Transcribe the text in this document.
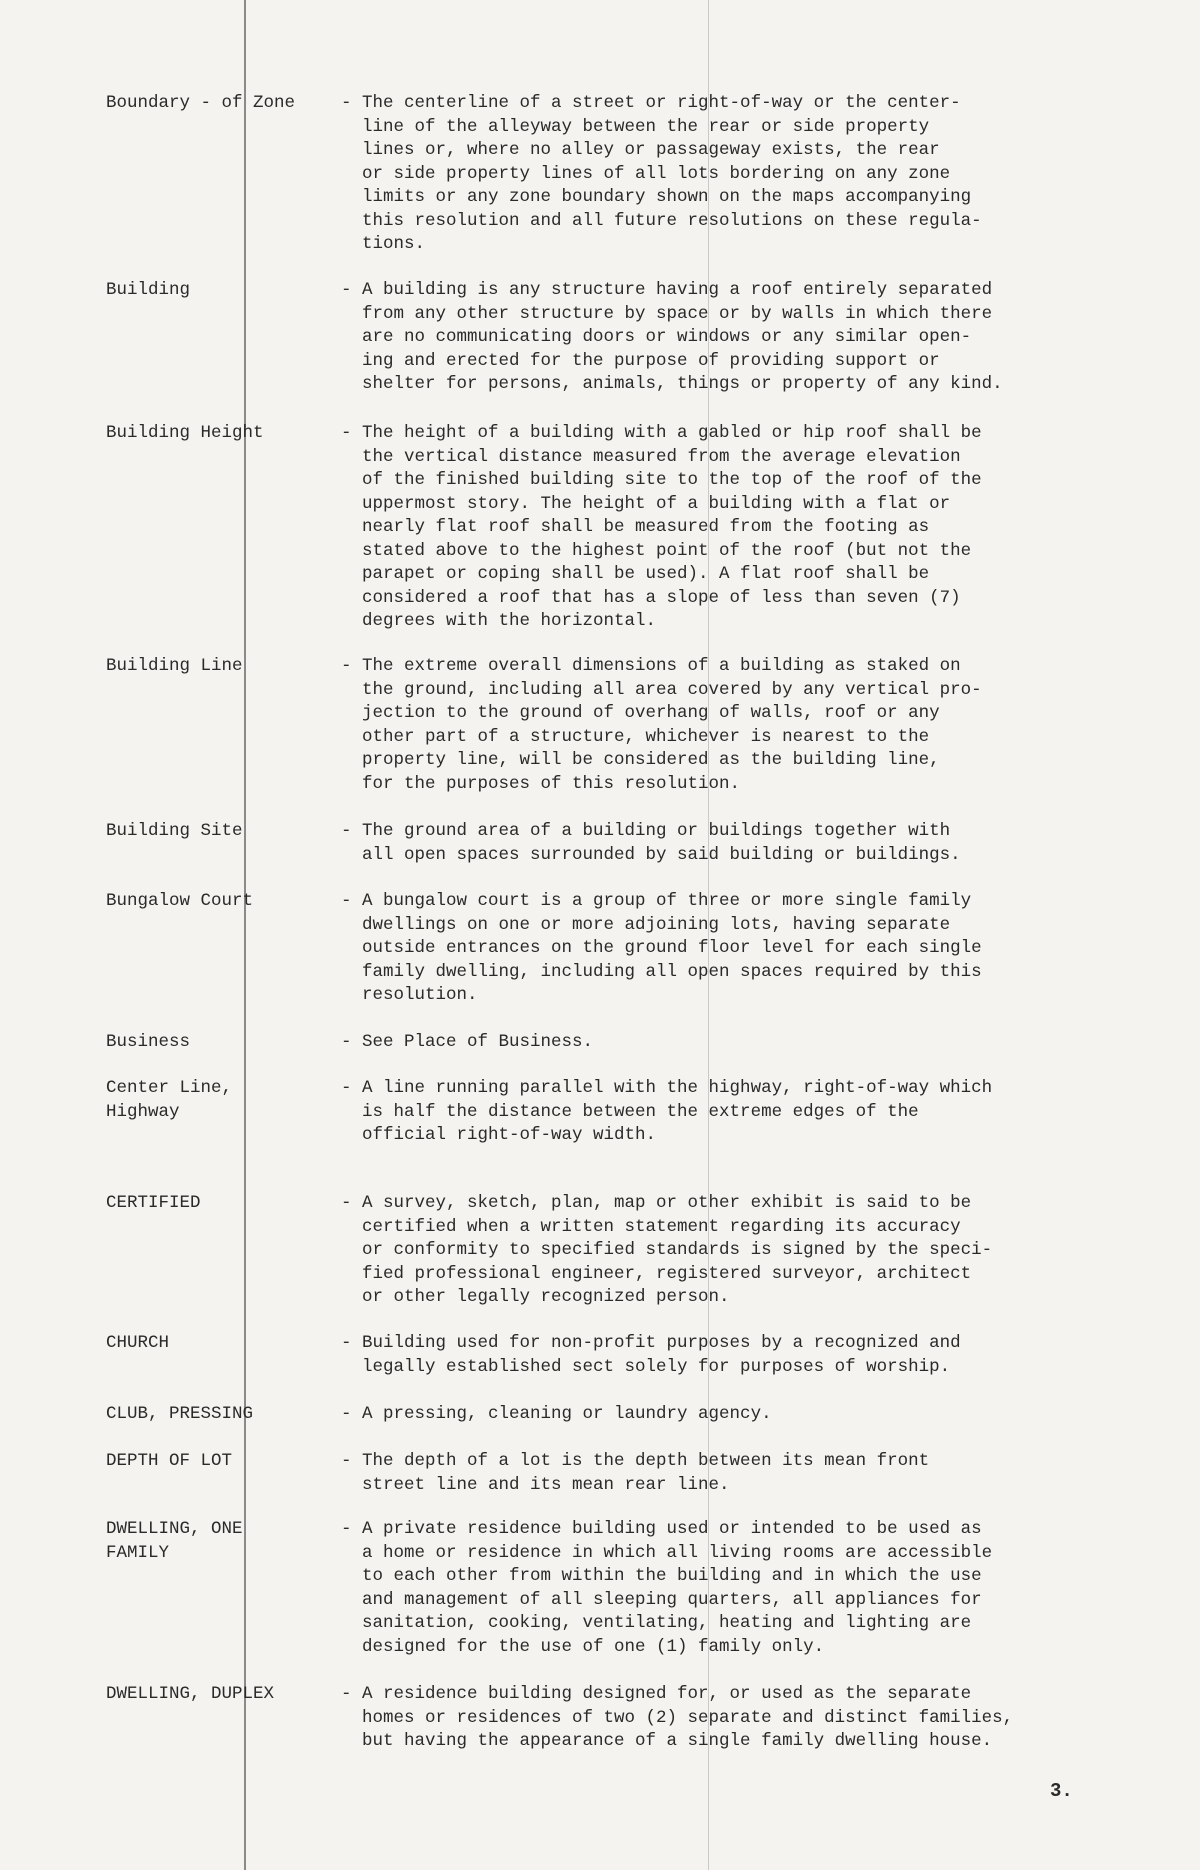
Boundary - of Zone	- The centerline of a street or right-of-way or the center-
line of the alleyway between the rear or side property
lines or, where no alley or passageway exists, the rear
or side property lines of all lots bordering on any zone
limits or any zone boundary shown on the maps accompanying
this resolution and all future resolutions on these regula-
tions.
Building	- A building is any structure having a roof entirely separated
from any other structure by space or by walls in which there
are no communicating doors or windows or any similar open-
ing and erected for the purpose of providing support or
shelter for persons, animals, things or property of any kind.
Building Height	- The height of a building with a gabled or hip roof shall be
the vertical distance measured from the average elevation
of the finished building site to the top of the roof of the
uppermost story. The height of a building with a flat or
nearly flat roof shall be measured from the footing as
stated above to the highest point of the roof (but not the
parapet or coping shall be used). A flat roof shall be
considered a roof that has a slope of less than seven (7)
degrees with the horizontal.
Building Line	- The extreme overall dimensions of a building as staked on
the ground, including all area covered by any vertical pro-
jection to the ground of overhang of walls, roof or any
other part of a structure, whichever is nearest to the
property line, will be considered as the building line,
for the purposes of this resolution.
Building Site	- The ground area of a building or buildings together with
all open spaces surrounded by said building or buildings.
Bungalow Court	- A bungalow court is a group of three or more single family
dwellings on one or more adjoining lots, having separate
outside entrances on the ground floor level for each single
family dwelling, including all open spaces required by this
resolution.
Business	- See Place of Business.
Center Line,
Highway
- A line running parallel with the highway, right-of-way which
is half the distance between the extreme edges of the
official right-of-way width.
CERTIFIED	- A survey, sketch, plan, map or other exhibit is said to be
certified when a written statement regarding its accuracy
or conformity to specified standards is signed by the speci-
fied professional engineer, registered surveyor, architect
or other legally recognized person.
CHURCH	- Building used for non-profit purposes by a recognized and
legally established sect solely for purposes of worship.
CLUB, PRESSING	- A pressing, cleaning or laundry agency.
DEPTH OF LOT	- The depth of a lot is the depth between its mean front
street line and its mean rear line.
DWELLING, ONE
FAMILY
- A private residence building used or intended to be used as
a home or residence in which all living rooms are accessible
to each other from within the building and in which the use
and management of all sleeping quarters, all appliances for
sanitation, cooking, ventilating, heating and lighting are
designed for the use of one (1) family only.
DWELLING, DUPLEX	- A residence building designed for, or used as the separate
homes or residences of two (2) separate and distinct families,
but having the appearance of a single family dwelling house.
3.
